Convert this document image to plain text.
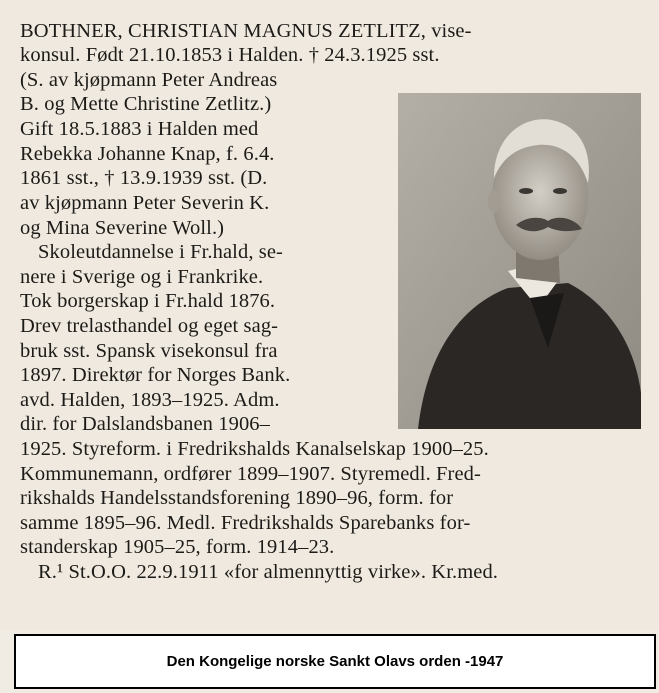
BOTHNER, CHRISTIAN MAGNUS ZETLITZ, vise-
konsul. Født 21.10.1853 i Halden. † 24.3.1925 sst.
(S. av kjøpmann Peter Andreas
B. og Mette Christine Zetlitz.)
Gift 18.5.1883 i Halden med
Rebekka Johanne Knap, f. 6.4.
1861 sst., † 13.9.1939 sst. (D.
av kjøpmann Peter Severin K.
og Mina Severine Woll.)
Skoleutdannelse i Fr.hald, se-
nere i Sverige og i Frankrike.
Tok borgerskap i Fr.hald 1876.
Drev trelasthandel og eget sag-
bruk sst. Spansk visekonsul fra
1897. Direktør for Norges Bank.
avd. Halden, 1893–1925. Adm.
dir. for Dalslandsbanen 1906–
1925. Styreform. i Fredrikshalds Kanalselskap 1900–25.
Kommunemann, ordfører 1899–1907. Styremedl. Fred-
rikshalds Handelsstandsforening 1890–96, form. for
samme 1895–96. Medl. Fredrikshalds Sparebanks for-
standerskap 1905–25, form. 1914–23.
R.¹ St.O.O. 22.9.1911 «for almennyttig virke». Kr.med.
Den Kongelige norske Sankt Olavs orden -1947
